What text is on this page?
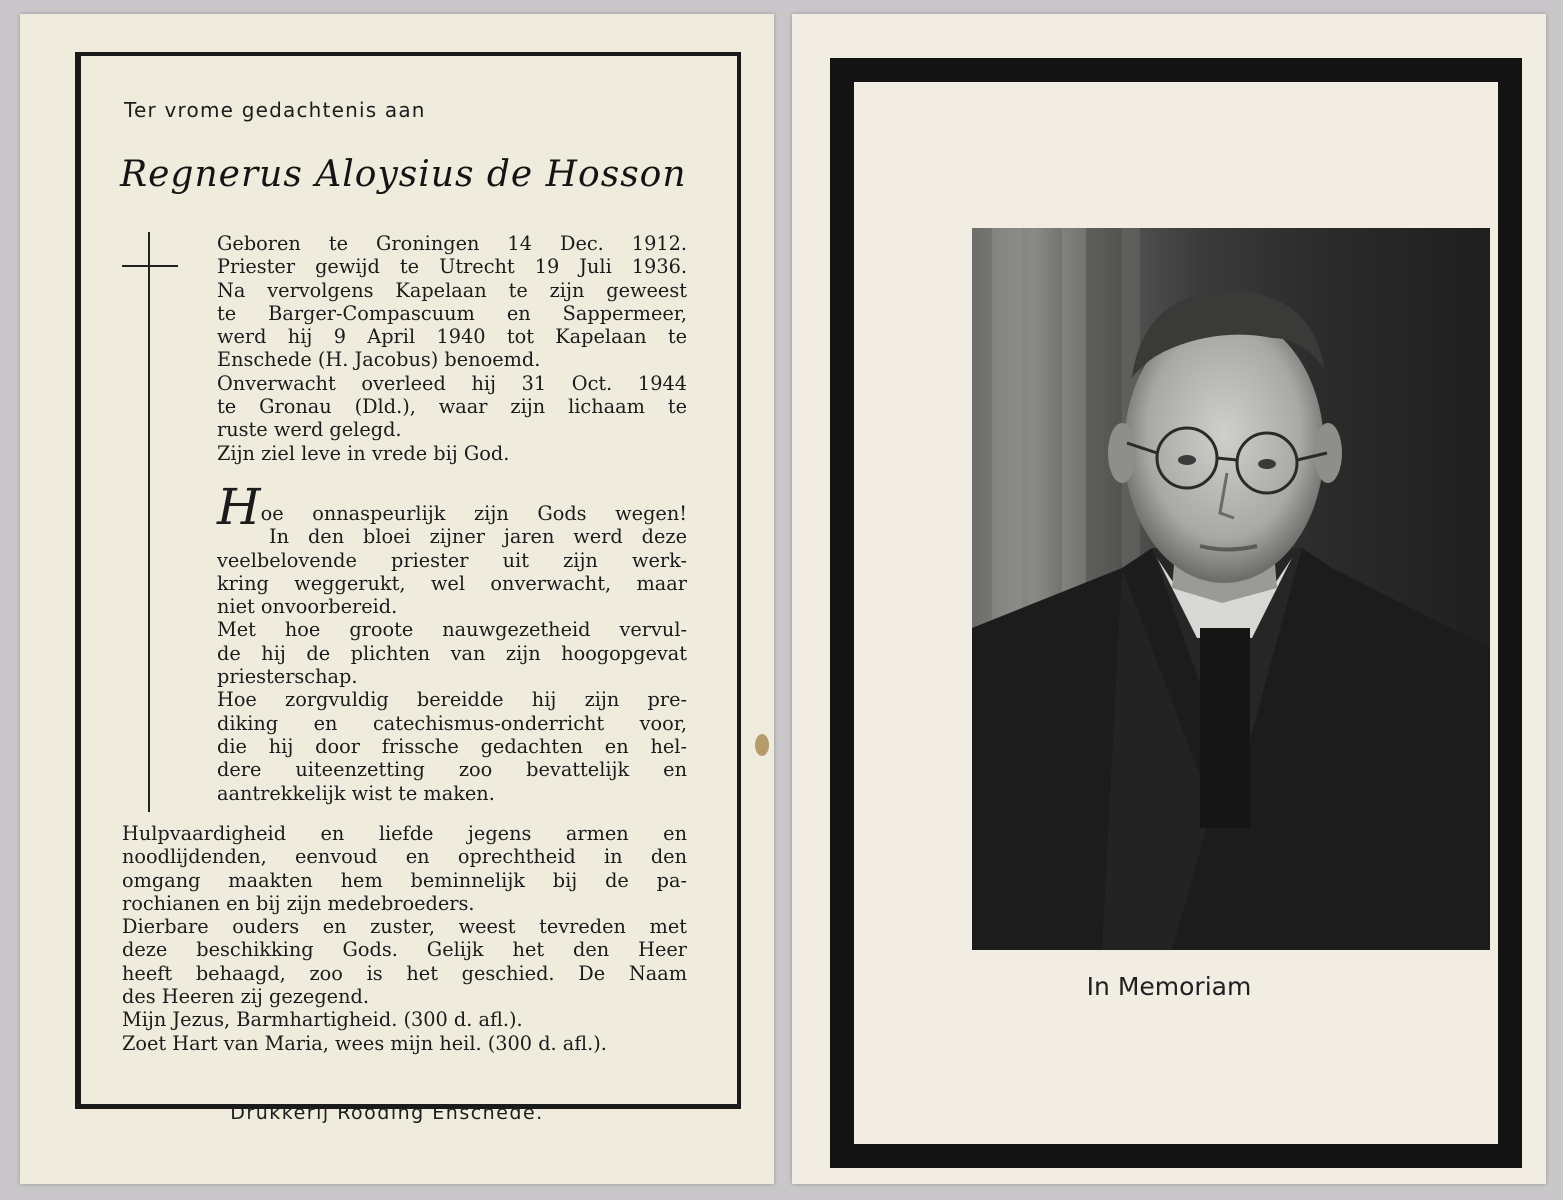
Ter vrome gedachtenis aan
Regnerus Aloysius de Hosson
Geboren te Groningen 14 Dec. 1912.
Priester gewijd te Utrecht 19 Juli 1936.
Na vervolgens Kapelaan te zijn geweest
te Barger-Compascuum en Sappermeer,
werd hij 9 April 1940 tot Kapelaan te
Enschede (H. Jacobus) benoemd.
Onverwacht overleed hij 31 Oct. 1944
te Gronau (Dld.), waar zijn lichaam te
ruste werd gelegd.
Zijn ziel leve in vrede bij God.
Hoe onnaspeurlijk zijn Gods wegen!
In den bloei zijner jaren werd deze
veelbelovende priester uit zijn werk-
kring weggerukt, wel onverwacht, maar
niet onvoorbereid.
Met hoe groote nauwgezetheid vervul-
de hij de plichten van zijn hoogopgevat
priesterschap.
Hoe zorgvuldig bereidde hij zijn pre-
diking en catechismus-onderricht voor,
die hij door frissche gedachten en hel-
dere uiteenzetting zoo bevattelijk en
aantrekkelijk wist te maken.
Hulpvaardigheid en liefde jegens armen en
noodlijdenden, eenvoud en oprechtheid in den
omgang maakten hem beminnelijk bij de pa-
rochianen en bij zijn medebroeders.
Dierbare ouders en zuster, weest tevreden met
deze beschikking Gods. Gelijk het den Heer
heeft behaagd, zoo is het geschied. De Naam
des Heeren zij gezegend.
Mijn Jezus, Barmhartigheid. (300 d. afl.).
Zoet Hart van Maria, wees mijn heil. (300 d. afl.).
Drukkerij Rooding Enschede.
In Memoriam
